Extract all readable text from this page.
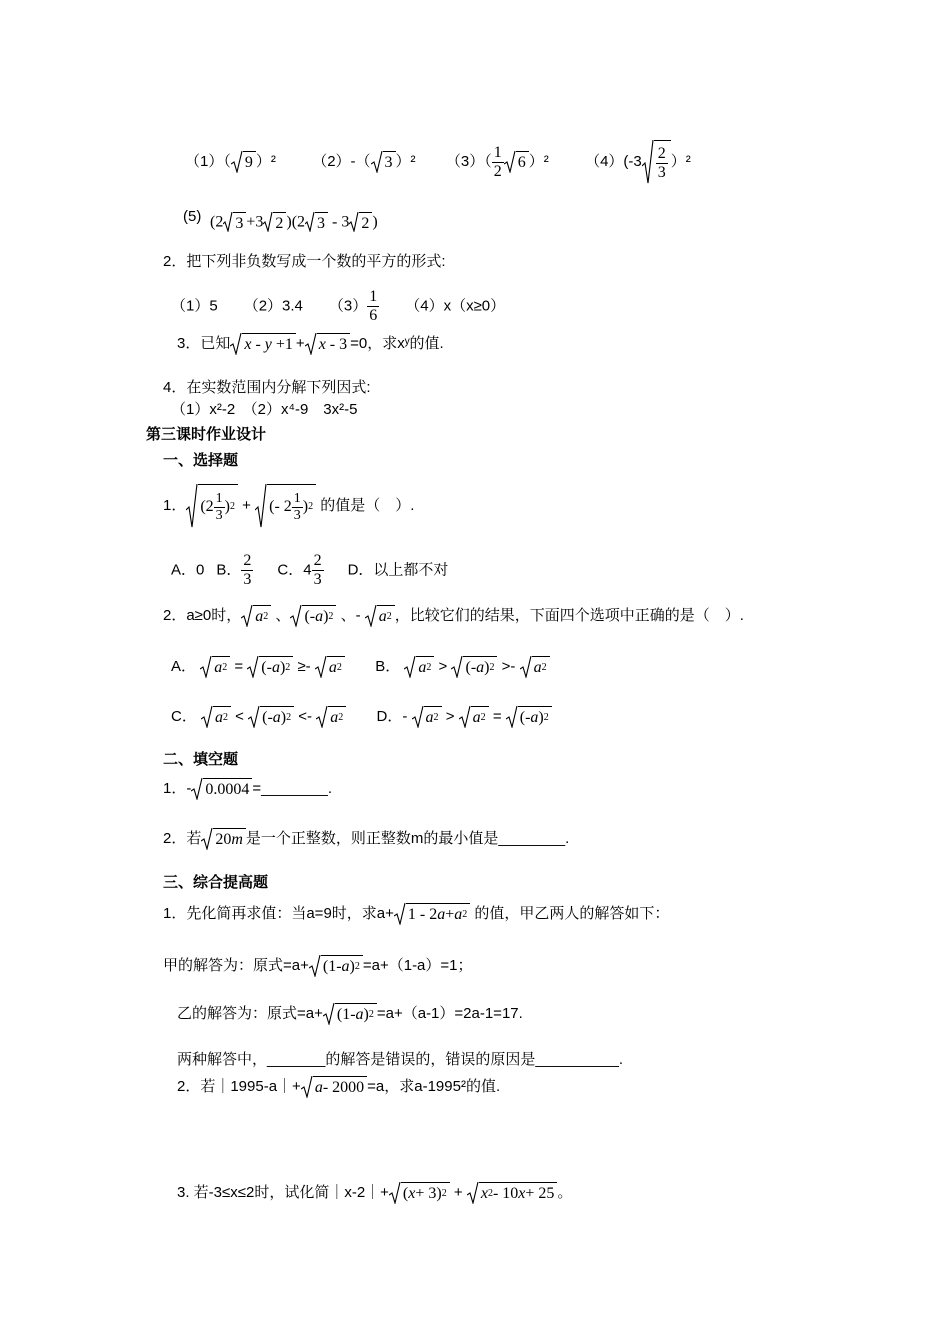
（1）（ 9 ）² （2）-（ 3 ）² $(3)( \frac{1}{2} 6$ ）² $(4)(-3 \frac{2}{3} )^2$
(5) (2 3 +3 2 )(2 3 - 3 2 )
2．把下列非负数写成一个数的平方的形式:
（1）5 （2）3.4 $(3) \frac{1}{6} (4)x(x\ge 0)$
3．已知 x - y +1 + x - 3 =0，求xʸ的值.
4．在实数范围内分解下列因式:
（1）x²-2　（2）x⁴-9　3x²-5
第三课时作业设计
一、选择题
1． ($2 \frac{1}{3}$ ) 2 + (- $2 \frac{1}{3}$ ) 2 的值是（　）.
A．0 B． $\frac{2}{3}$ C．$4 \frac{2}{3}$ D．以上都不对
2．a≥0时， a 2 、 (- a ) 2 、- a 2 ，比较它们的结果，下面四个选项中正确的是（　）.
A． a 2 = (- a ) 2 ≥- a 2 B． a 2 > (- a ) 2 >- a 2
C． a 2 < (- a ) 2 <- a 2 D．- a 2 > a 2 = (- a ) 2
二、填空题
1．- 0.0004 =________.
2．若 20 m 是一个正整数，则正整数m的最小值是________.
三、综合提高题
1．先化简再求值：当a=9时，求a+ 1 - 2 a + a 2 的值，甲乙两人的解答如下：
甲的解答为：原式=a+ (1- a ) 2 =a+（1-a）=1；
乙的解答为：原式=a+ (1- a ) 2 =a+（a-1）=2a-1=17.
两种解答中，_______的解答是错误的，错误的原因是__________.
2．若｜1995-a｜+ a - 2000 =a，求a-1995²的值.
3. 若-3≤x≤2时，试化简｜x-2｜+ ( x + 3) 2 + x 2 - 10 x + 25 。
